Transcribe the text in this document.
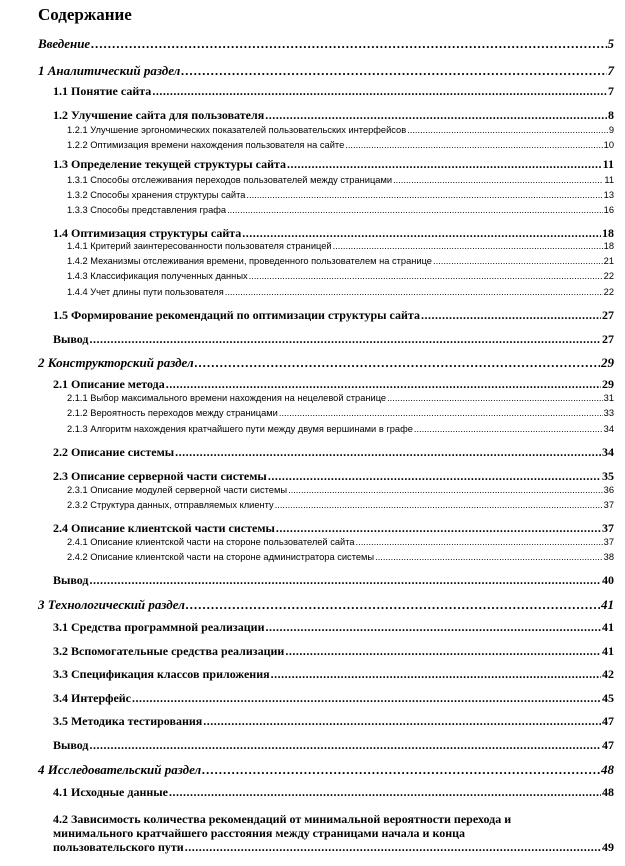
Содержание
Введение .....	5
1 Аналитический раздел .....	7
1.1 Понятие сайта .....	7
1.2 Улучшение сайта для пользователя .....	8
1.2.1 Улучшение эргономических показателей пользовательских интерфейсов .....	9
1.2.2 Оптимизация времени нахождения пользователя на сайте .....	10
1.3 Определение текущей структуры сайта .....	11
1.3.1 Способы отслеживания переходов пользователей между страницами .....	11
1.3.2 Способы хранения структуры сайта .....	13
1.3.3 Способы представления графа .....	16
1.4 Оптимизация структуры сайта .....	18
1.4.1 Критерий заинтересованности пользователя страницей .....	18
1.4.2 Механизмы отслеживания времени, проведенного пользователем на странице .....	21
1.4.3 Классификация полученных данных .....	22
1.4.4 Учет длины пути пользователя .....	22
1.5 Формирование рекомендаций по оптимизации структуры сайта .....	27
Вывод .....	27
2 Конструкторский раздел .....	29
2.1 Описание метода .....	29
2.1.1 Выбор максимального времени нахождения на нецелевой странице .....	31
2.1.2 Вероятность переходов между страницами .....	33
2.1.3 Алгоритм нахождения кратчайшего пути между двумя вершинами в графе .....	34
2.2 Описание системы .....	34
2.3 Описание серверной части системы .....	35
2.3.1 Описание модулей серверной части системы .....	36
2.3.2 Структура данных, отправляемых клиенту .....	37
2.4 Описание клиентской части системы .....	37
2.4.1 Описание клиентской части на стороне пользователей сайта .....	37
2.4.2 Описание клиентской части на стороне администратора системы .....	38
Вывод .....	40
3 Технологический раздел .....	41
3.1 Средства программной реализации .....	41
3.2 Вспомогательные средства реализации .....	41
3.3 Спецификация классов приложения .....	42
3.4 Интерфейс .....	45
3.5 Методика тестирования .....	47
Вывод .....	47
4 Исследовательский раздел .....	48
4.1 Исходные данные .....	48
4.2 Зависимость количества рекомендаций от минимальной вероятности перехода и
минимального кратчайшего расстояния между страницами начала и конца
пользовательского пути .....	49
